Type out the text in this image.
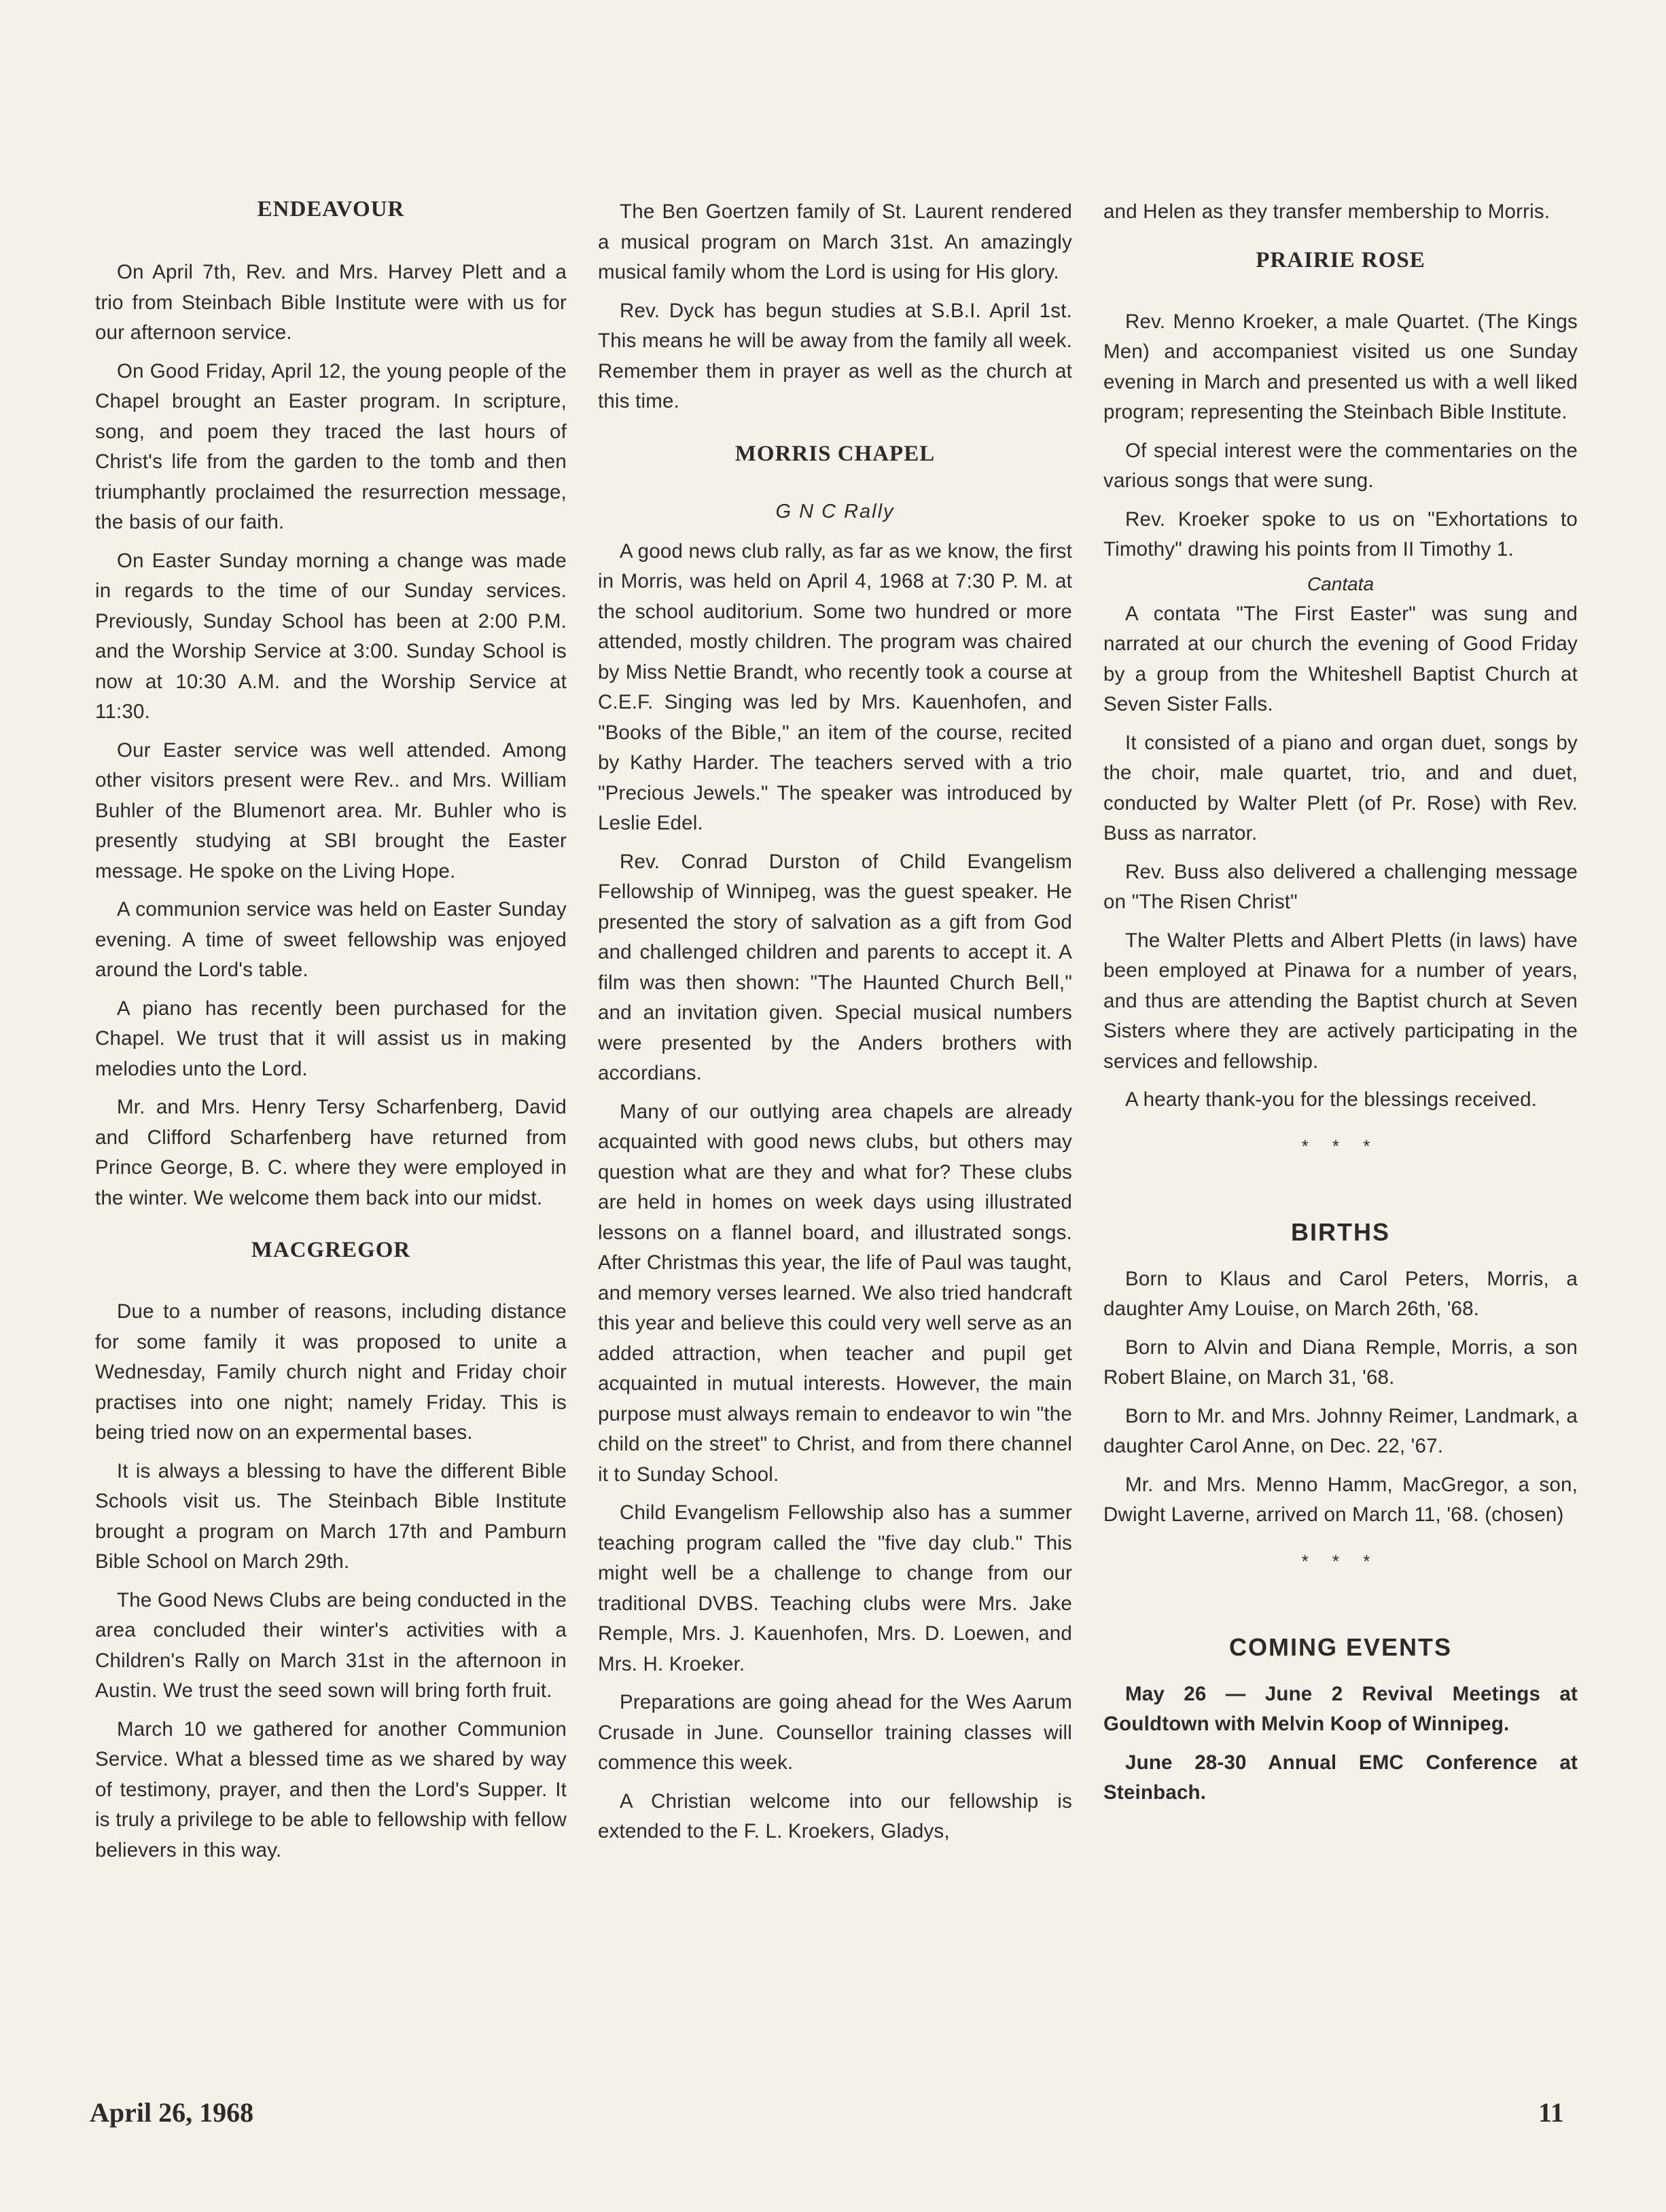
ENDEAVOUR

On April 7th, Rev. and Mrs. Harvey Plett and a trio from Steinbach Bible Institute were with us for our afternoon service.

On Good Friday, April 12, the young people of the Chapel brought an Easter program. In scripture, song, and poem they traced the last hours of Christ's life from the garden to the tomb and then triumphantly proclaimed the resurrection message, the basis of our faith.

On Easter Sunday morning a change was made in regards to the time of our Sunday services. Previously, Sunday School has been at 2:00 P.M. and the Worship Service at 3:00. Sunday School is now at 10:30 A.M. and the Worship Service at 11:30.

Our Easter service was well attended. Among other visitors present were Rev.. and Mrs. William Buhler of the Blumenort area. Mr. Buhler who is presently studying at SBI brought the Easter message. He spoke on the Living Hope.

A communion service was held on Easter Sunday evening. A time of sweet fellowship was enjoyed around the Lord's table.

A piano has recently been purchased for the Chapel. We trust that it will assist us in making melodies unto the Lord.

Mr. and Mrs. Henry Tersy Scharfenberg, David and Clifford Scharfenberg have returned from Prince George, B. C. where they were employed in the winter. We welcome them back into our midst.

MACGREGOR

Due to a number of reasons, including distance for some family it was proposed to unite a Wednesday, Family church night and Friday choir practises into one night; namely Friday. This is being tried now on an expermental bases.

It is always a blessing to have the different Bible Schools visit us. The Steinbach Bible Institute brought a program on March 17th and Pamburn Bible School on March 29th.

The Good News Clubs are being conducted in the area concluded their winter's activities with a Children's Rally on March 31st in the afternoon in Austin. We trust the seed sown will bring forth fruit.

March 10 we gathered for another Communion Service. What a blessed time as we shared by way of testimony, prayer, and then the Lord's Supper. It is truly a privilege to be able to fellowship with fellow believers in this way.

The Ben Goertzen family of St. Laurent rendered a musical program on March 31st. An amazingly musical family whom the Lord is using for His glory.

Rev. Dyck has begun studies at S.B.I. April 1st. This means he will be away from the family all week. Remember them in prayer as well as the church at this time.

MORRIS CHAPEL
G N C Rally

A good news club rally, as far as we know, the first in Morris, was held on April 4, 1968 at 7:30 P. M. at the school auditorium. Some two hundred or more attended, mostly children. The program was chaired by Miss Nettie Brandt, who recently took a course at C.E.F. Singing was led by Mrs. Kauenhofen, and "Books of the Bible," an item of the course, recited by Kathy Harder. The teachers served with a trio "Precious Jewels." The speaker was introduced by Leslie Edel.

Rev. Conrad Durston of Child Evangelism Fellowship of Winnipeg, was the guest speaker. He presented the story of salvation as a gift from God and challenged children and parents to accept it. A film was then shown: "The Haunted Church Bell," and an invitation given. Special musical numbers were presented by the Anders brothers with accordians.

Many of our outlying area chapels are already acquainted with good news clubs, but others may question what are they and what for? These clubs are held in homes on week days using illustrated lessons on a flannel board, and illustrated songs. After Christmas this year, the life of Paul was taught, and memory verses learned. We also tried handcraft this year and believe this could very well serve as an added attraction, when teacher and pupil get acquainted in mutual interests. However, the main purpose must always remain to endeavor to win "the child on the street" to Christ, and from there channel it to Sunday School.

Child Evangelism Fellowship also has a summer teaching program called the "five day club." This might well be a challenge to change from our traditional DVBS. Teaching clubs were Mrs. Jake Remple, Mrs. J. Kauenhofen, Mrs. D. Loewen, and Mrs. H. Kroeker.

Preparations are going ahead for the Wes Aarum Crusade in June. Counsellor training classes will commence this week.

A Christian welcome into our fellowship is extended to the F. L. Kroekers, Gladys,

and Helen as they transfer membership to Morris.

PRAIRIE ROSE

Rev. Menno Kroeker, a male Quartet. (The Kings Men) and accompaniest visited us one Sunday evening in March and presented us with a well liked program; representing the Steinbach Bible Institute.

Of special interest were the commentaries on the various songs that were sung.

Rev. Kroeker spoke to us on "Exhortations to Timothy" drawing his points from II Timothy 1.

Cantata

A contata "The First Easter" was sung and narrated at our church the evening of Good Friday by a group from the Whiteshell Baptist Church at Seven Sister Falls.

It consisted of a piano and organ duet, songs by the choir, male quartet, trio, and and duet, conducted by Walter Plett (of Pr. Rose) with Rev. Buss as narrator.

Rev. Buss also delivered a challenging message on "The Risen Christ"

The Walter Pletts and Albert Pletts (in laws) have been employed at Pinawa for a number of years, and thus are attending the Baptist church at Seven Sisters where they are actively participating in the services and fellowship.

A hearty thank-you for the blessings received.

* * *
BIRTHS

Born to Klaus and Carol Peters, Morris, a daughter Amy Louise, on March 26th, '68.

Born to Alvin and Diana Remple, Morris, a son Robert Blaine, on March 31, '68.

Born to Mr. and Mrs. Johnny Reimer, Landmark, a daughter Carol Anne, on Dec. 22, '67.

Mr. and Mrs. Menno Hamm, MacGregor, a son, Dwight Laverne, arrived on March 11, '68. (chosen)

* * *
COMING EVENTS

May 26 — June 2 Revival Meetings at Gouldtown with Melvin Koop of Winnipeg.

June 28-30 Annual EMC Conference at Steinbach.

April 26, 1968	11
